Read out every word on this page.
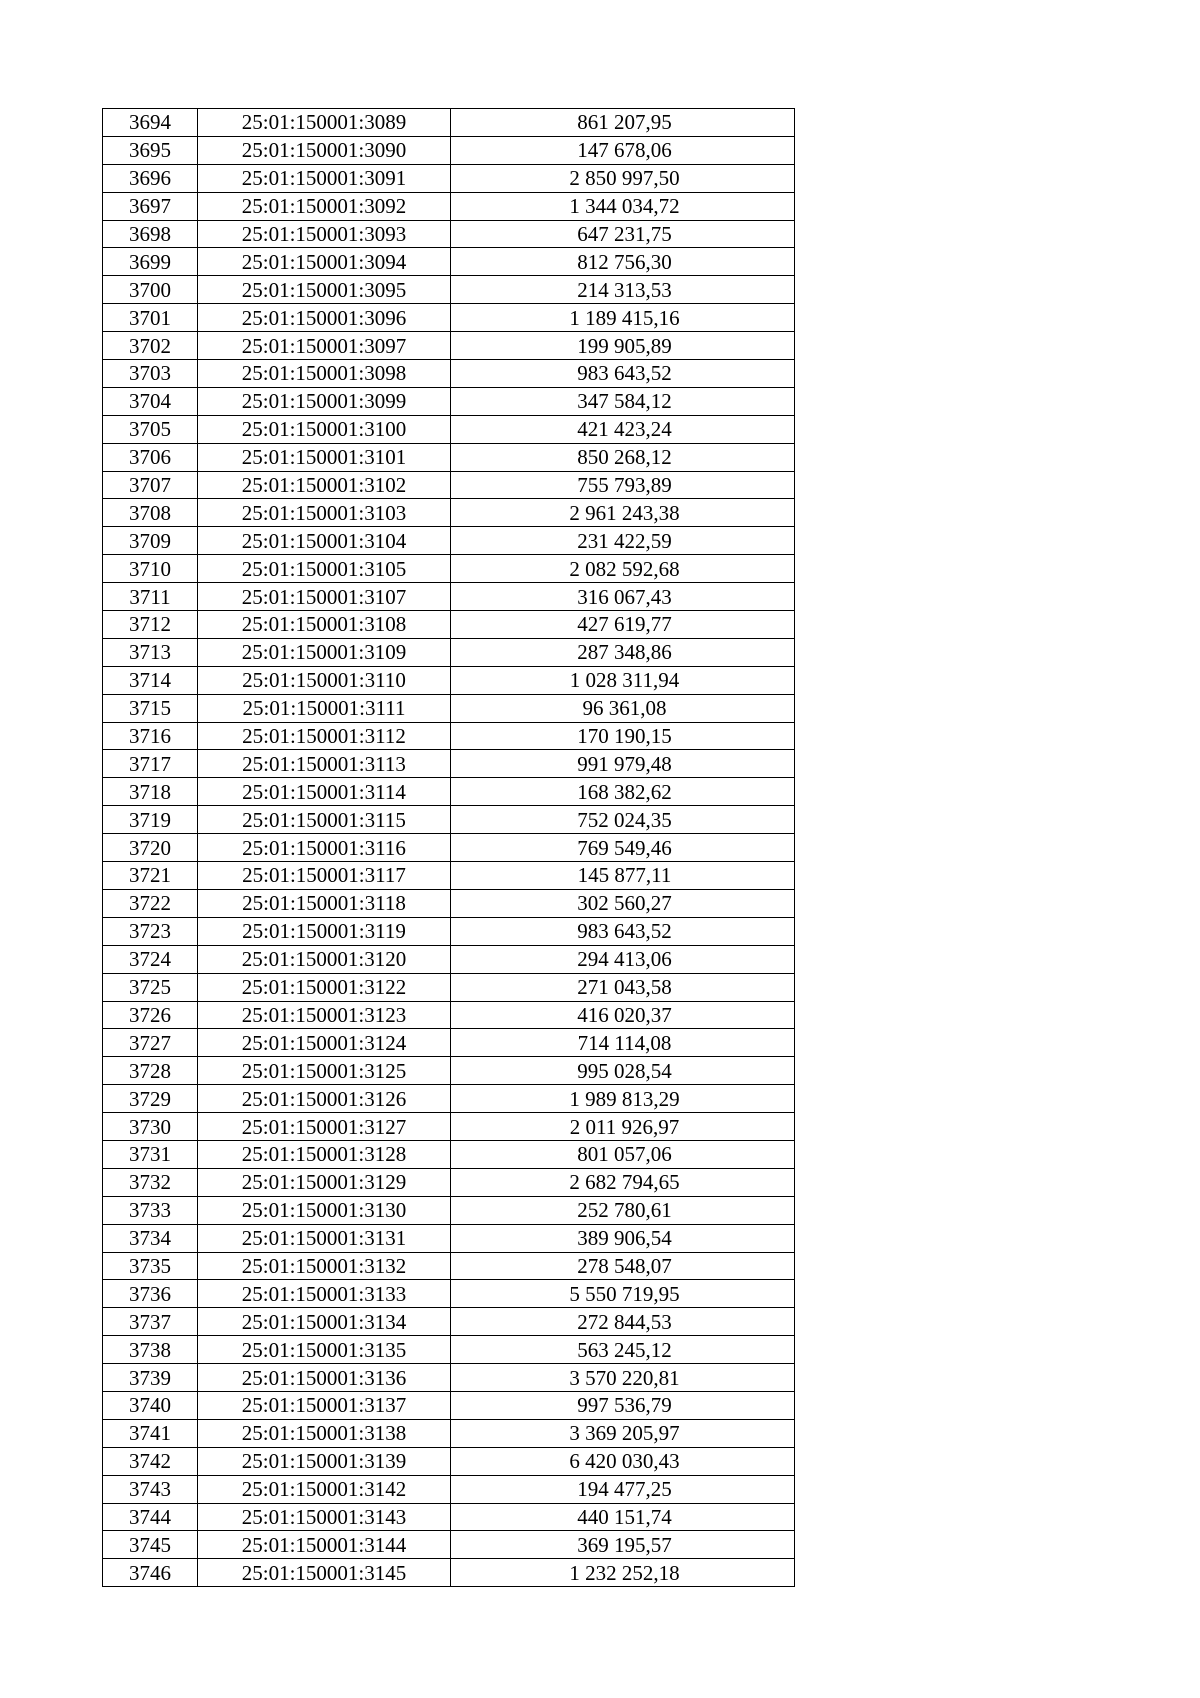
3694	25:01:150001:3089	861 207,95
3695	25:01:150001:3090	147 678,06
3696	25:01:150001:3091	2 850 997,50
3697	25:01:150001:3092	1 344 034,72
3698	25:01:150001:3093	647 231,75
3699	25:01:150001:3094	812 756,30
3700	25:01:150001:3095	214 313,53
3701	25:01:150001:3096	1 189 415,16
3702	25:01:150001:3097	199 905,89
3703	25:01:150001:3098	983 643,52
3704	25:01:150001:3099	347 584,12
3705	25:01:150001:3100	421 423,24
3706	25:01:150001:3101	850 268,12
3707	25:01:150001:3102	755 793,89
3708	25:01:150001:3103	2 961 243,38
3709	25:01:150001:3104	231 422,59
3710	25:01:150001:3105	2 082 592,68
3711	25:01:150001:3107	316 067,43
3712	25:01:150001:3108	427 619,77
3713	25:01:150001:3109	287 348,86
3714	25:01:150001:3110	1 028 311,94
3715	25:01:150001:3111	96 361,08
3716	25:01:150001:3112	170 190,15
3717	25:01:150001:3113	991 979,48
3718	25:01:150001:3114	168 382,62
3719	25:01:150001:3115	752 024,35
3720	25:01:150001:3116	769 549,46
3721	25:01:150001:3117	145 877,11
3722	25:01:150001:3118	302 560,27
3723	25:01:150001:3119	983 643,52
3724	25:01:150001:3120	294 413,06
3725	25:01:150001:3122	271 043,58
3726	25:01:150001:3123	416 020,37
3727	25:01:150001:3124	714 114,08
3728	25:01:150001:3125	995 028,54
3729	25:01:150001:3126	1 989 813,29
3730	25:01:150001:3127	2 011 926,97
3731	25:01:150001:3128	801 057,06
3732	25:01:150001:3129	2 682 794,65
3733	25:01:150001:3130	252 780,61
3734	25:01:150001:3131	389 906,54
3735	25:01:150001:3132	278 548,07
3736	25:01:150001:3133	5 550 719,95
3737	25:01:150001:3134	272 844,53
3738	25:01:150001:3135	563 245,12
3739	25:01:150001:3136	3 570 220,81
3740	25:01:150001:3137	997 536,79
3741	25:01:150001:3138	3 369 205,97
3742	25:01:150001:3139	6 420 030,43
3743	25:01:150001:3142	194 477,25
3744	25:01:150001:3143	440 151,74
3745	25:01:150001:3144	369 195,57
3746	25:01:150001:3145	1 232 252,18
